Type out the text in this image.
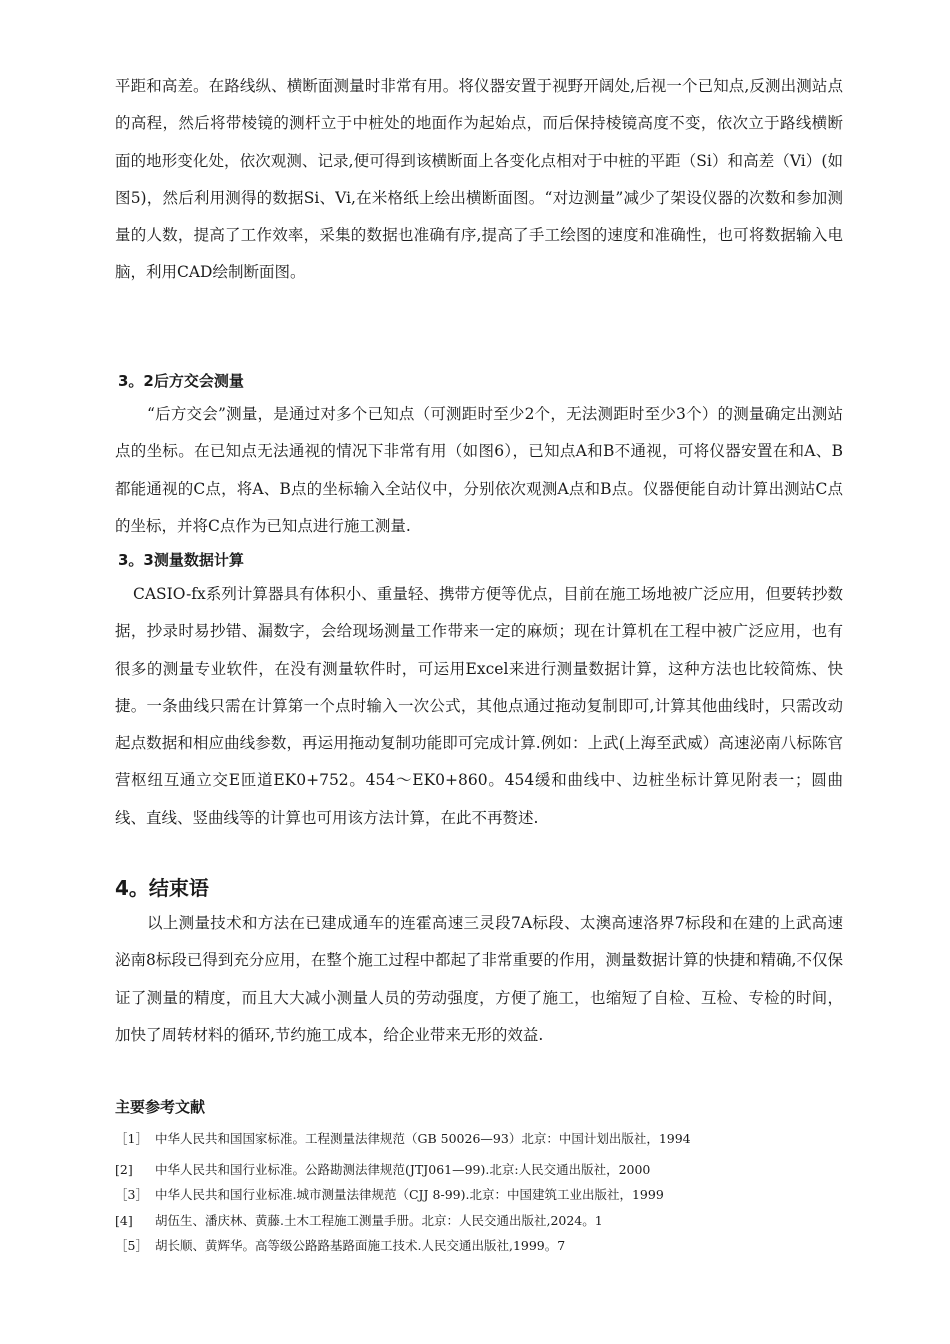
平距和高差。在路线纵、横断面测量时非常有用。将仪器安置于视野开阔处,后视一个已知点,反测出测站点的高程，然后将带棱镜的测杆立于中桩处的地面作为起始点，而后保持棱镜高度不变，依次立于路线横断面的地形变化处，依次观测、记录,便可得到该横断面上各变化点相对于中桩的平距（Si）和高差（Vi）(如图5)，然后利用测得的数据Si、Vi,在米格纸上绘出横断面图。“对边测量”减少了架设仪器的次数和参加测量的人数，提高了工作效率，采集的数据也准确有序,提高了手工绘图的速度和准确性，也可将数据输入电脑，利用CAD绘制断面图。

3。2后方交会测量

“后方交会”测量，是通过对多个已知点（可测距时至少2个，无法测距时至少3个）的测量确定出测站点的坐标。在已知点无法通视的情况下非常有用（如图6），已知点A和B不通视，可将仪器安置在和A、B都能通视的C点，将A、B点的坐标输入全站仪中，分别依次观测A点和B点。仪器便能自动计算出测站C点的坐标，并将C点作为已知点进行施工测量.

3。3测量数据计算

CASIO-fx系列计算器具有体积小、重量轻、携带方便等优点，目前在施工场地被广泛应用，但要转抄数据，抄录时易抄错、漏数字，会给现场测量工作带来一定的麻烦；现在计算机在工程中被广泛应用，也有很多的测量专业软件，在没有测量软件时，可运用Excel来进行测量数据计算，这种方法也比较简炼、快捷。一条曲线只需在计算第一个点时输入一次公式，其他点通过拖动复制即可,计算其他曲线时，只需改动起点数据和相应曲线参数，再运用拖动复制功能即可完成计算.例如：上武(上海至武威）高速泌南八标陈官营枢纽互通立交E匝道EK0+752。454～EK0+860。454缓和曲线中、边桩坐标计算见附表一；圆曲线、直线、竖曲线等的计算也可用该方法计算，在此不再赘述.

4。结束语

以上测量技术和方法在已建成通车的连霍高速三灵段7A标段、太澳高速洛界7标段和在建的上武高速泌南8标段已得到充分应用，在整个施工过程中都起了非常重要的作用，测量数据计算的快捷和精确,不仅保证了测量的精度，而且大大减小测量人员的劳动强度，方便了施工，也缩短了自检、互检、专检的时间，加快了周转材料的循环,节约施工成本，给企业带来无形的效益.

主要参考文献

［1］ 中华人民共和国国家标准。工程测量法律规范（GB 50026—93）北京：中国计划出版社，1994

[2] 中华人民共和国行业标准。公路勘测法律规范(JTJ061—99).北京:人民交通出版社，2000

［3］ 中华人民共和国行业标准.城市测量法律规范（CJJ 8-99).北京：中国建筑工业出版社，1999

[4] 胡伍生、潘庆林、黄藤.土木工程施工测量手册。北京：人民交通出版社,2024。1

［5］ 胡长顺、黄辉华。高等级公路路基路面施工技术.人民交通出版社,1999。7
